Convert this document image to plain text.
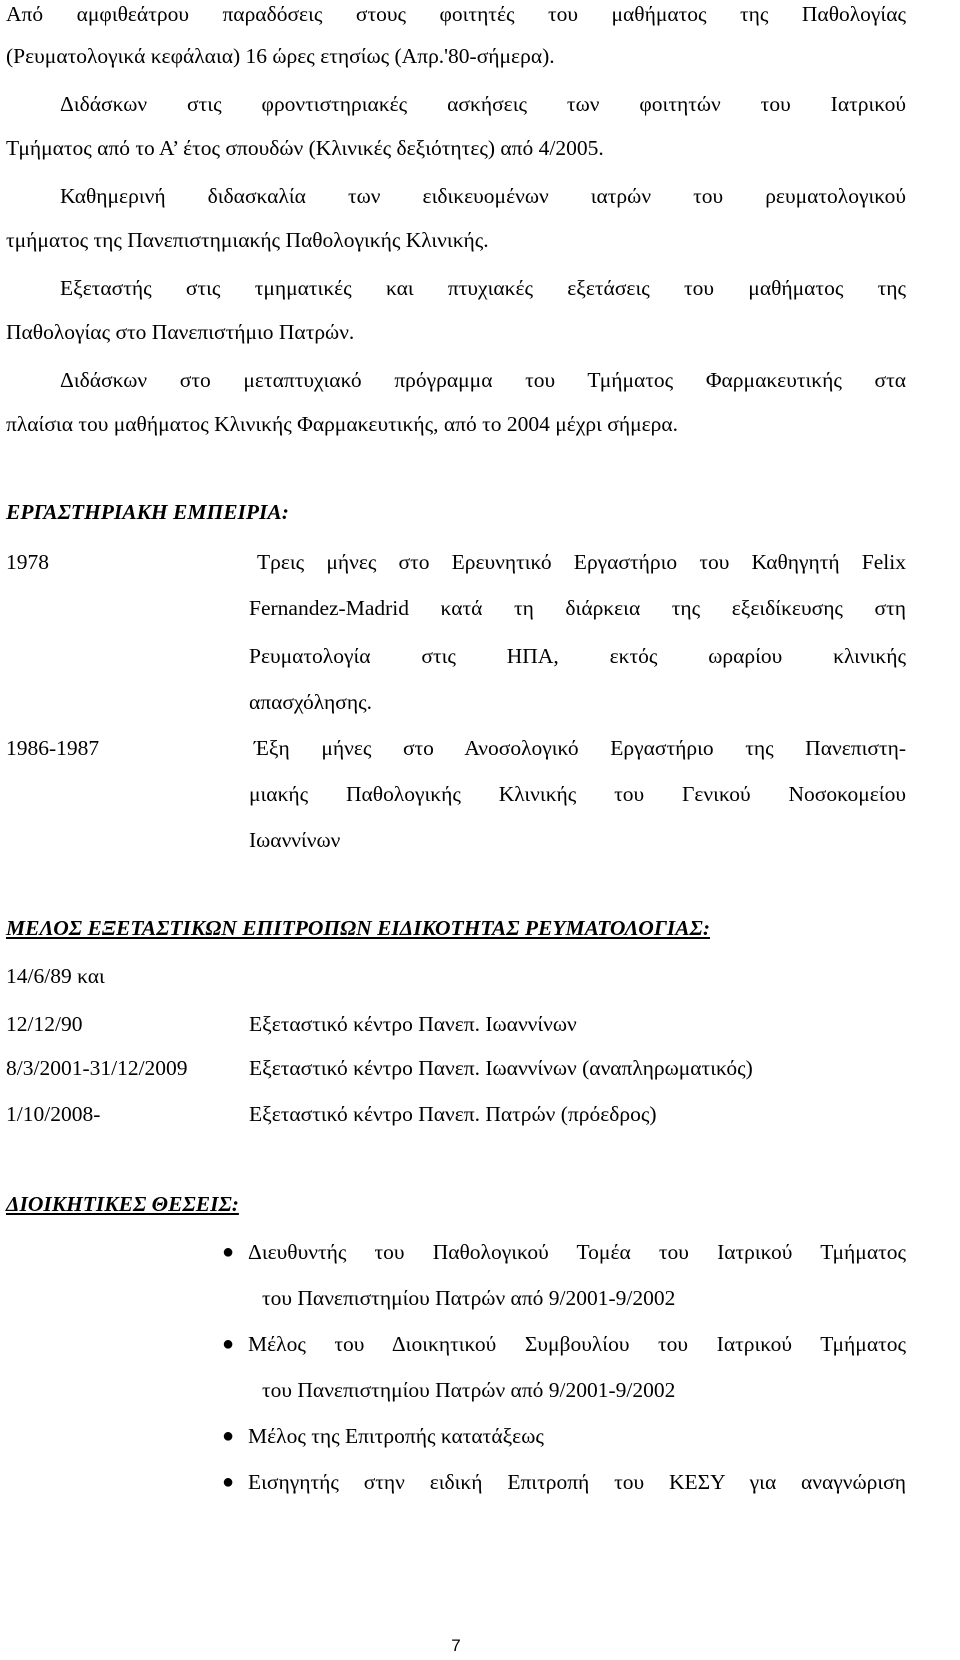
Από αμφιθεάτρου παραδόσεις στους φοιτητές του μαθήματος της Παθολογίας
(Ρευματολογικά κεφάλαια) 16 ώρες ετησίως (Απρ.'80-σήμερα).
Διδάσκων στις φροντιστηριακές ασκήσεις των φοιτητών του Ιατρικού
Τμήματος από το Α’ έτος σπουδών (Κλινικές δεξιότητες) από 4/2005.
Καθημερινή διδασκαλία των ειδικευομένων ιατρών του ρευματολογικού
τμήματος της Πανεπιστημιακής Παθολογικής Κλινικής.
Εξεταστής στις τμηματικές και πτυχιακές εξετάσεις του μαθήματος της
Παθολογίας στο Πανεπιστήμιο Πατρών.
Διδάσκων στο μεταπτυχιακό πρόγραμμα του Τμήματος Φαρμακευτικής στα
πλαίσια του μαθήματος Κλινικής Φαρμακευτικής, από το 2004 μέχρι σήμερα.
ΕΡΓΑΣΤΗΡΙΑΚΗ ΕΜΠΕΙΡΙΑ:
1978	Τρεις μήνες στο Ερευνητικό Εργαστήριο του Καθηγητή Felix
Fernandez-Madrid κατά τη διάρκεια της εξειδίκευσης στη
Ρευματολογία στις ΗΠΑ, εκτός ωραρίου κλινικής
απασχόλησης.
1986-1987	Έξη μήνες στο Ανοσολογικό Εργαστήριο της Πανεπιστη-
μιακής Παθολογικής Κλινικής του Γενικού Νοσοκομείου
Ιωαννίνων
ΜΕΛΟΣ ΕΞΕΤΑΣΤΙΚΩΝ ΕΠΙΤΡΟΠΩΝ ΕΙΔΙΚΟΤΗΤΑΣ ΡΕΥΜΑΤΟΛΟΓΙΑΣ:
14/6/89 και
12/12/90	Εξεταστικό κέντρο Πανεπ. Ιωαννίνων
8/3/2001-31/12/2009	Εξεταστικό κέντρο Πανεπ. Ιωαννίνων (αναπληρωματικός)
1/10/2008-	Εξεταστικό κέντρο Πανεπ. Πατρών (πρόεδρος)
ΔΙΟΙΚΗΤΙΚΕΣ ΘΕΣΕΙΣ:
● Διευθυντής του Παθολογικού Τομέα του Ιατρικού Τμήματος
του Πανεπιστημίου Πατρών από 9/2001-9/2002
● Μέλος του Διοικητικού Συμβουλίου του Ιατρικού Τμήματος
του Πανεπιστημίου Πατρών από 9/2001-9/2002
● Μέλος της Επιτροπής κατατάξεως
● Εισηγητής στην ειδική Επιτροπή του ΚΕΣΥ για αναγνώριση
7
